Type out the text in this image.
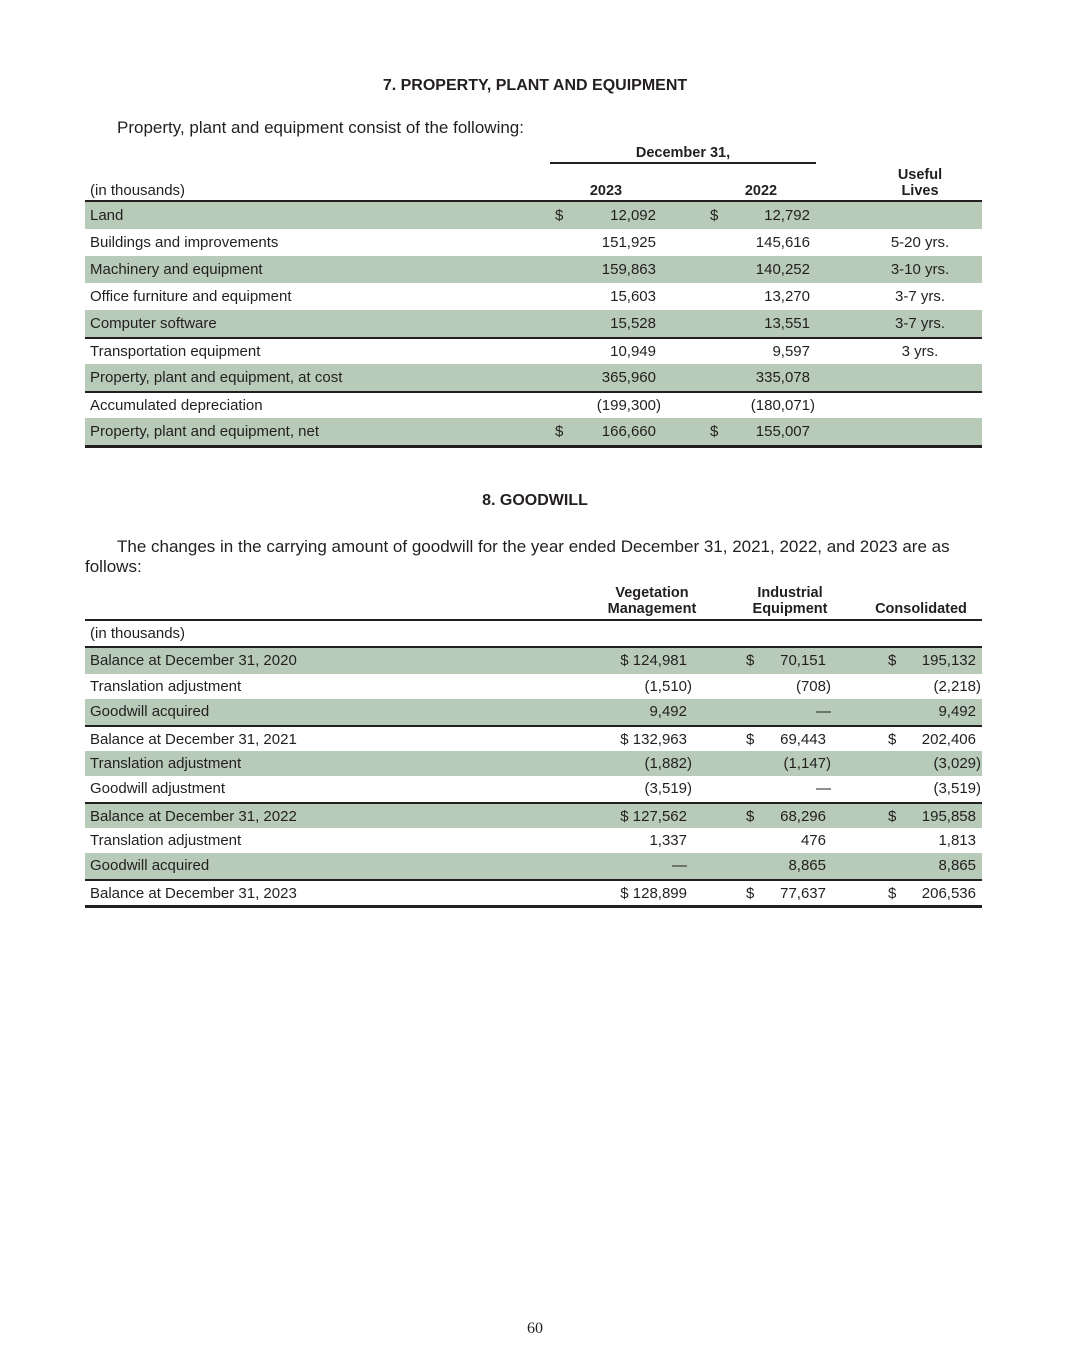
7. PROPERTY, PLANT AND EQUIPMENT
Property, plant and equipment consist of the following:
December 31,
(in thousands)	2023	2022
Useful
Lives
Land	$	12,092	$	12,792
Buildings and improvements	151,925	145,616	5-20 yrs.
Machinery and equipment	159,863	140,252	3-10 yrs.
Office furniture and equipment	15,603	13,270	3-7 yrs.
Computer software	15,528	13,551	3-7 yrs.
Transportation equipment	10,949	9,597	3 yrs.
Property, plant and equipment, at cost	365,960	335,078
Accumulated depreciation	(199,300)	(180,071)
Property, plant and equipment, net	$	166,660	$ 155,007
8. GOODWILL
The changes in the carrying amount of goodwill for the year ended December 31, 2021, 2022, and 2023 are as
follows:
Vegetation
Management
Industrial
Equipment	Consolidated
(in thousands)
Balance at December 31, 2020	$ 124,981	$ 70,151	$ 195,132
Translation adjustment	(1,510)	(708)	(2,218)
Goodwill acquired	9,492	—	9,492
Balance at December 31, 2021	$ 132,963	$ 69,443	$ 202,406
Translation adjustment	(1,882)	(1,147)	(3,029)
Goodwill adjustment	(3,519)	—	(3,519)
Balance at December 31, 2022	$ 127,562	$ 68,296	$ 195,858
Translation adjustment	1,337	476	1,813
Goodwill acquired	—	8,865	8,865
Balance at December 31, 2023	$ 128,899	$ 77,637	$ 206,536
60
